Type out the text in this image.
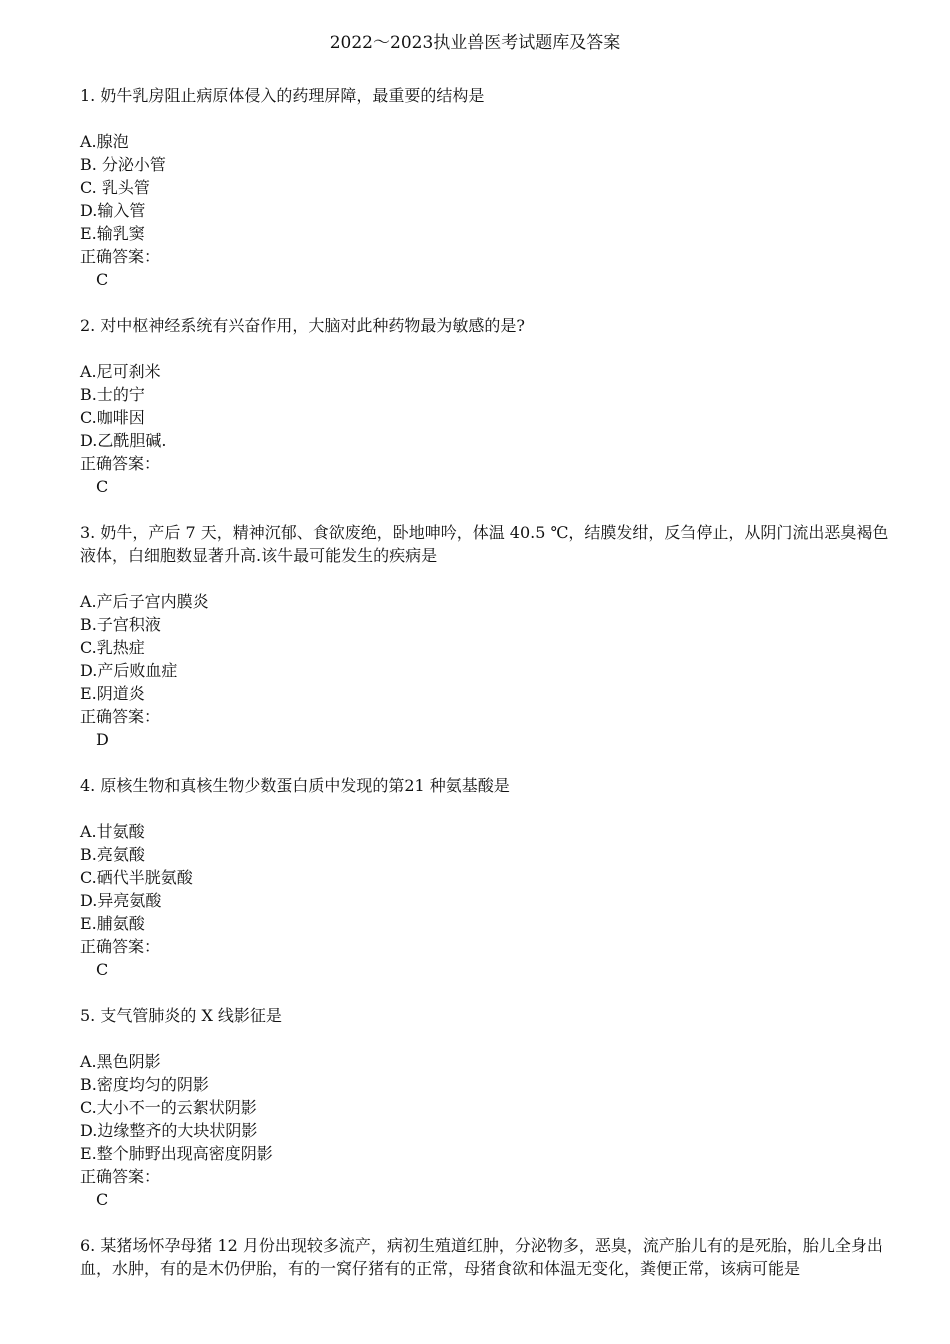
2022～2023执业兽医考试题库及答案
1. 奶牛乳房阻止病原体侵入的药理屏障，最重要的结构是
A.腺泡
B. 分泌小管
C. 乳头管
D.输入管
E.输乳窦
正确答案：
C
2. 对中枢神经系统有兴奋作用，大脑对此种药物最为敏感的是?
A.尼可刹米
B.士的宁
C.咖啡因
D.乙酰胆碱.
正确答案：
C
3. 奶牛，产后 7 天，精神沉郁、食欲废绝，卧地呻吟，体温 40.5 ℃，结膜发绀，反刍停止，从阴门流出恶臭褐色液体，白细胞数显著升高.该牛最可能发生的疾病是
A.产后子宫内膜炎
B.子宫积液
C.乳热症
D.产后败血症
E.阴道炎
正确答案：
D
4. 原核生物和真核生物少数蛋白质中发现的第21 种氨基酸是
A.甘氨酸
B.亮氨酸
C.硒代半胱氨酸
D.异亮氨酸
E.脯氨酸
正确答案：
C
5. 支气管肺炎的 X 线影征是
A.黑色阴影
B.密度均匀的阴影
C.大小不一的云絮状阴影
D.边缘整齐的大块状阴影
E.整个肺野出现高密度阴影
正确答案：
C
6. 某猪场怀孕母猪 12 月份出现较多流产，病初生殖道红肿，分泌物多，恶臭，流产胎儿有的是死胎，胎儿全身出血，水肿，有的是木仍伊胎，有的一窝仔猪有的正常，母猪食欲和体温无变化，粪便正常，该病可能是
